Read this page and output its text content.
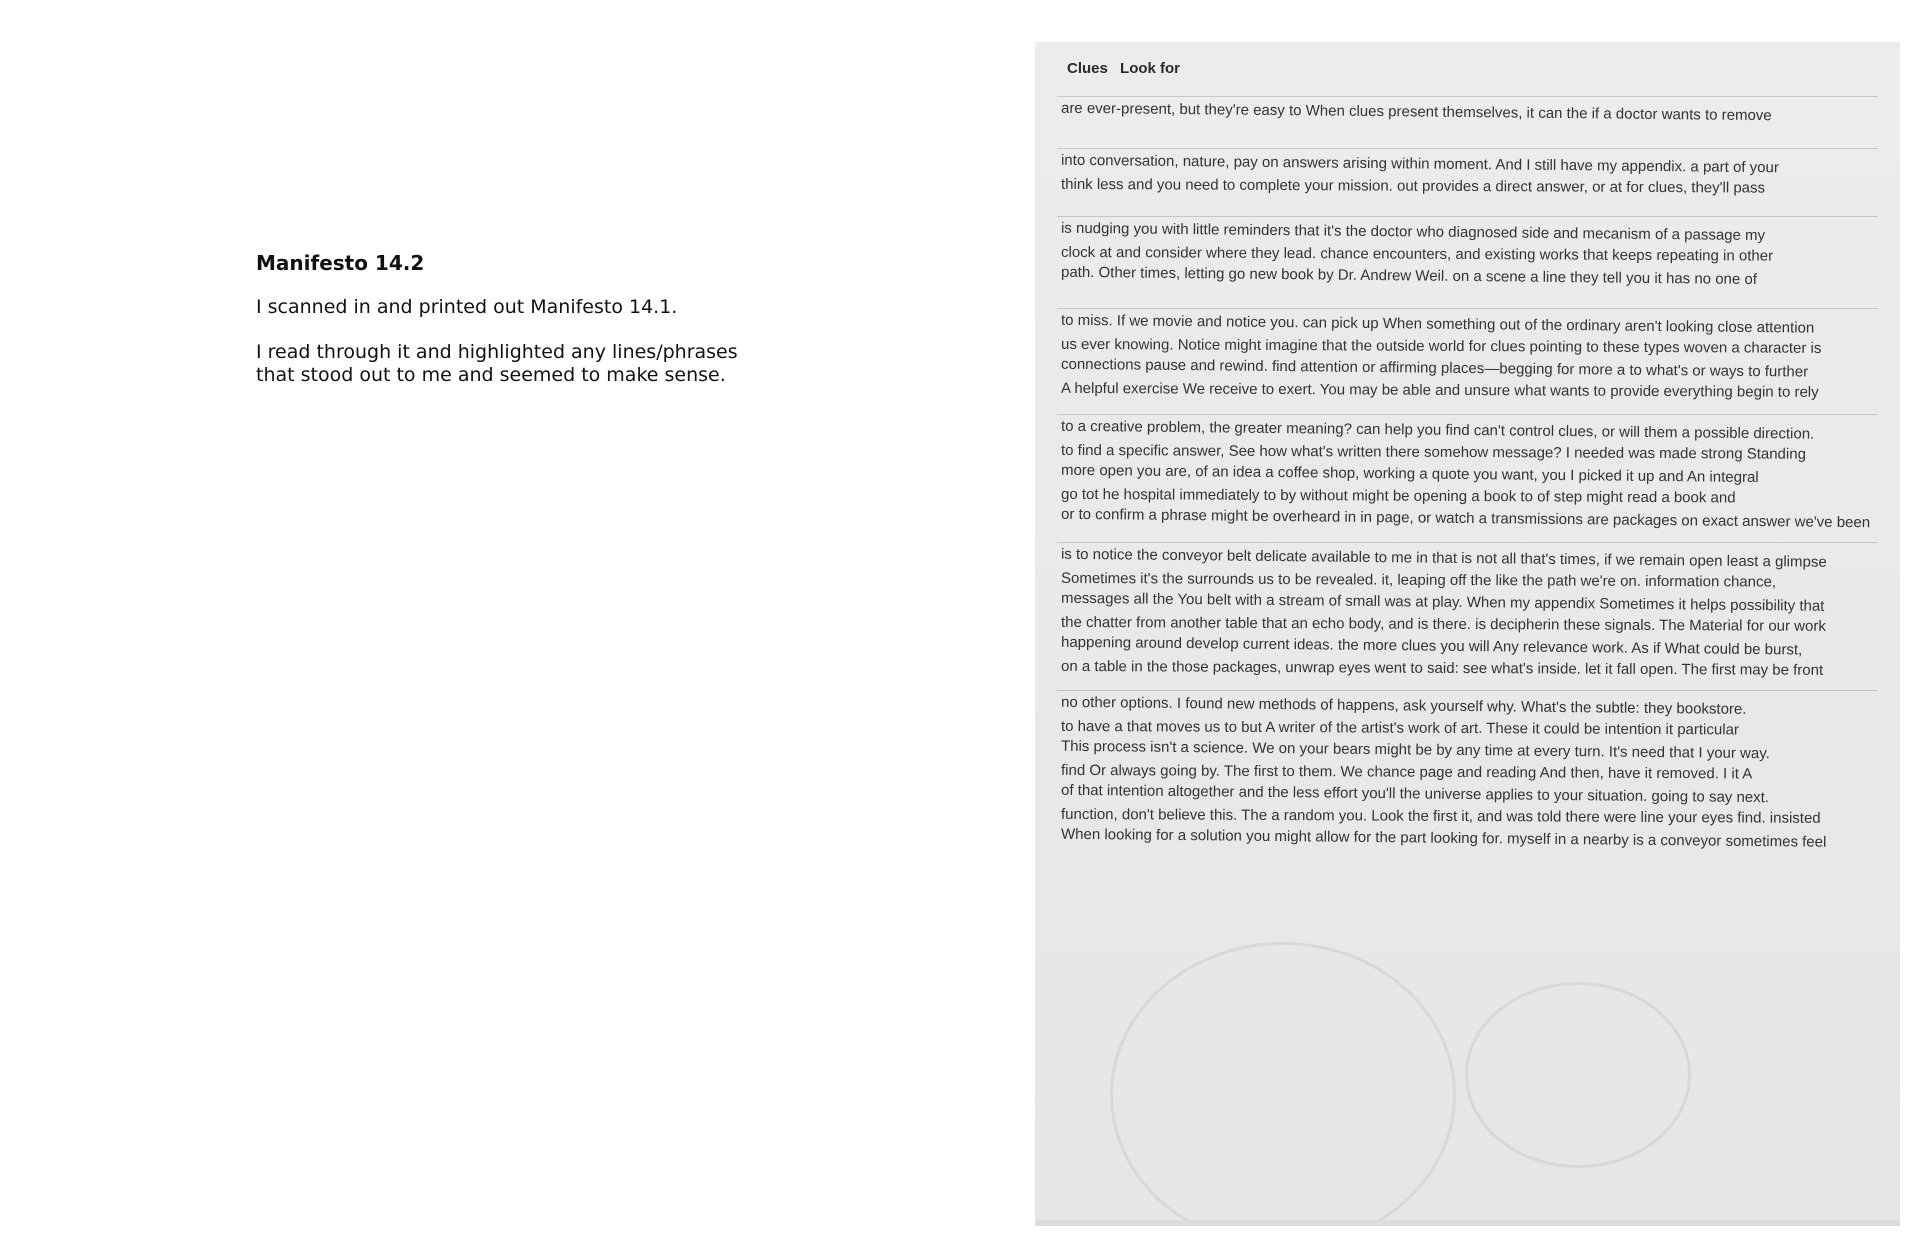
Manifesto 14.2

I scanned in and printed out Manifesto 14.1.

I read through it and highlighted any lines/phrases that stood out to me and seemed to make sense.

Clues Look for
are ever-present, but they're easy to When clues present themselves, it can the if a doctor wants to remove
into conversation, nature, pay on answers arising within moment. And I still have my appendix. a part of your
think less and you need to complete your mission. out provides a direct answer, or at for clues, they'll pass
is nudging you with little reminders that it's the doctor who diagnosed side and mecanism of a passage my
clock at and consider where they lead. chance encounters, and existing works that keeps repeating in other
path. Other times, letting go new book by Dr. Andrew Weil. on a scene a line they tell you it has no one of
to miss. If we movie and notice you. can pick up When something out of the ordinary aren't looking close attention
us ever knowing. Notice might imagine that the outside world for clues pointing to these types woven a character is
connections pause and rewind. find attention or affirming places—begging for more a to what's or ways to further
A helpful exercise We receive to exert. You may be able and unsure what wants to provide everything begin to rely
to a creative problem, the greater meaning? can help you find can't control clues, or will them a possible direction.
to find a specific answer, See how what's written there somehow message? I needed was made strong Standing
more open you are, of an idea a coffee shop, working a quote you want, you I picked it up and An integral
go tot he hospital immediately to by without might be opening a book to of step might read a book and
or to confirm a phrase might be overheard in in page, or watch a transmissions are packages on exact answer we've been
is to notice the conveyor belt delicate available to me in that is not all that's times, if we remain open least a glimpse
Sometimes it's the surrounds us to be revealed. it, leaping off the like the path we're on. information chance,
messages all the You belt with a stream of small was at play. When my appendix Sometimes it helps possibility that
the chatter from another table that an echo body, and is there. is decipherin these signals. The Material for our work
happening around develop current ideas. the more clues you will Any relevance work. As if What could be burst,
on a table in the those packages, unwrap eyes went to said: see what's inside. let it fall open. The first may be front
no other options. I found new methods of happens, ask yourself why. What's the subtle: they bookstore.
to have a that moves us to but A writer of the artist's work of art. These it could be intention it particular
This process isn't a science. We on your bears might be by any time at every turn. It's need that I your way.
find Or always going by. The first to them. We chance page and reading And then, have it removed. I it A
of that intention altogether and the less effort you'll the universe applies to your situation. going to say next.
function, don't believe this. The a random you. Look the first it, and was told there were line your eyes find. insisted
When looking for a solution you might allow for the part looking for. myself in a nearby is a conveyor sometimes feel
